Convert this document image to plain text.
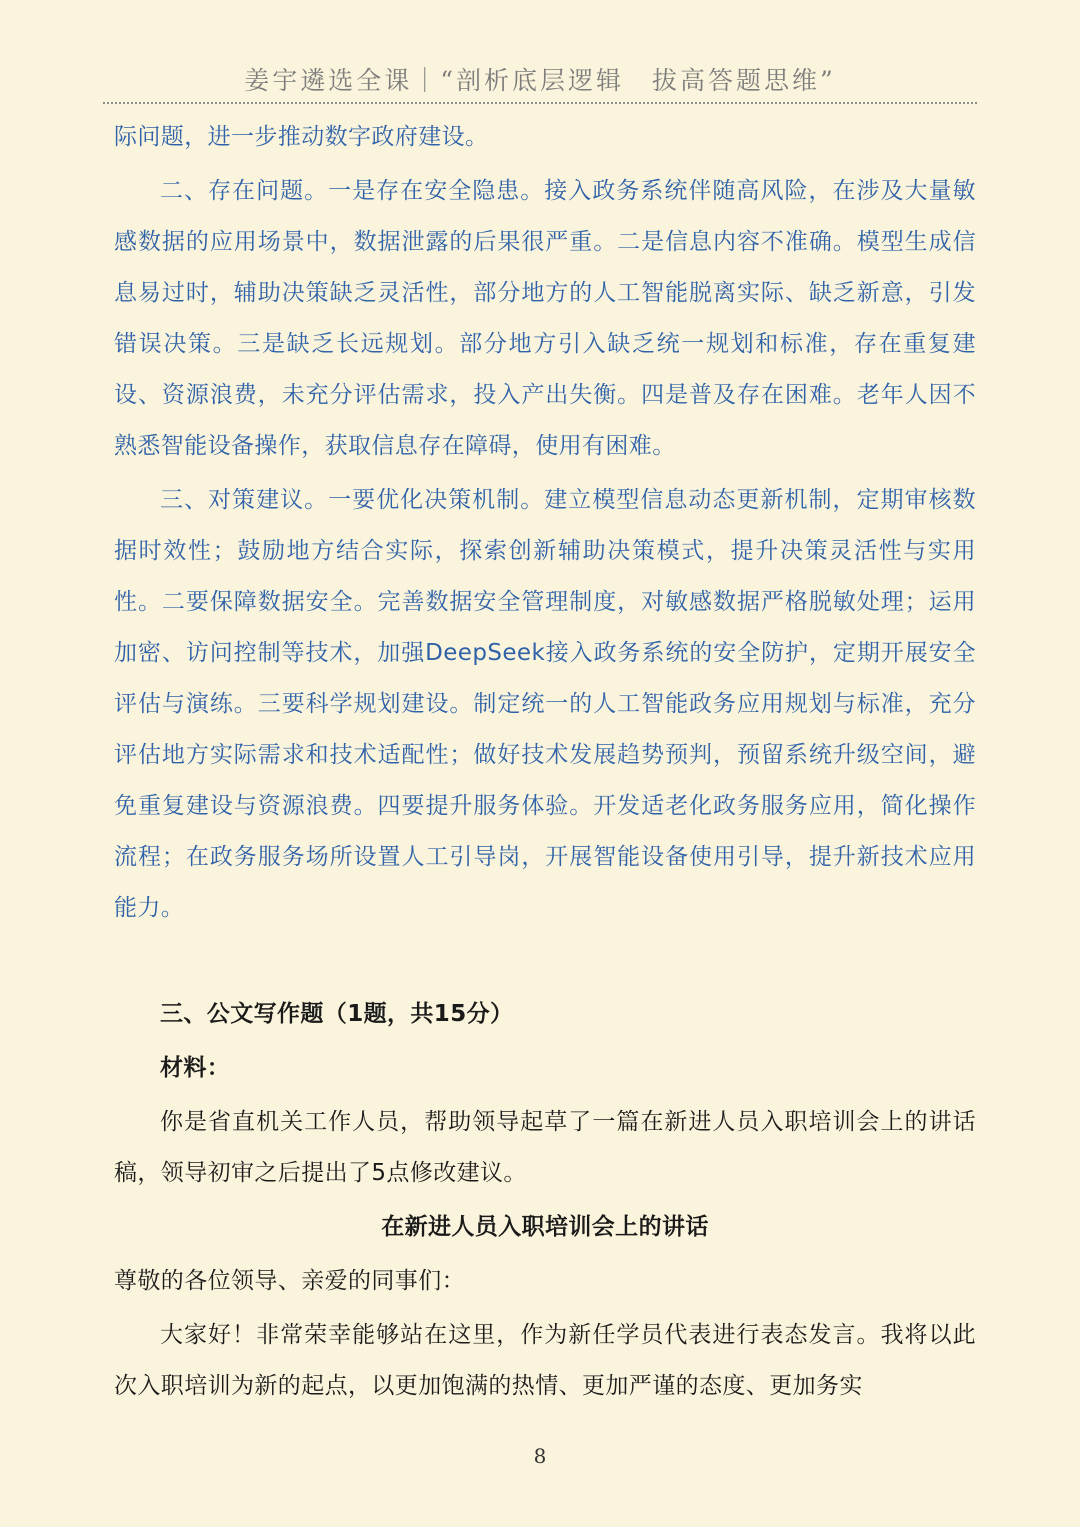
姜宇遴选全课｜“剖析底层逻辑　拔高答题思维”

际问题，进一步推动数字政府建设。

二、存在问题。一是存在安全隐患。接入政务系统伴随高风险，在涉及大量敏感数据的应用场景中，数据泄露的后果很严重。二是信息内容不准确。模型生成信息易过时，辅助决策缺乏灵活性，部分地方的人工智能脱离实际、缺乏新意，引发错误决策。三是缺乏长远规划。部分地方引入缺乏统一规划和标准，存在重复建设、资源浪费，未充分评估需求，投入产出失衡。四是普及存在困难。老年人因不熟悉智能设备操作，获取信息存在障碍，使用有困难。

三、对策建议。一要优化决策机制。建立模型信息动态更新机制，定期审核数据时效性；鼓励地方结合实际，探索创新辅助决策模式，提升决策灵活性与实用性。二要保障数据安全。完善数据安全管理制度，对敏感数据严格脱敏处理；运用加密、访问控制等技术，加强DeepSeek接入政务系统的安全防护，定期开展安全评估与演练。三要科学规划建设。制定统一的人工智能政务应用规划与标准，充分评估地方实际需求和技术适配性；做好技术发展趋势预判，预留系统升级空间，避免重复建设与资源浪费。四要提升服务体验。开发适老化政务服务应用，简化操作流程；在政务服务场所设置人工引导岗，开展智能设备使用引导，提升新技术应用能力。

三、公文写作题（1题，共15分）

材料：

你是省直机关工作人员，帮助领导起草了一篇在新进人员入职培训会上的讲话稿，领导初审之后提出了5点修改建议。

在新进人员入职培训会上的讲话

尊敬的各位领导、亲爱的同事们：

大家好！非常荣幸能够站在这里，作为新任学员代表进行表态发言。我将以此次入职培训为新的起点，以更加饱满的热情、更加严谨的态度、更加务实

8
